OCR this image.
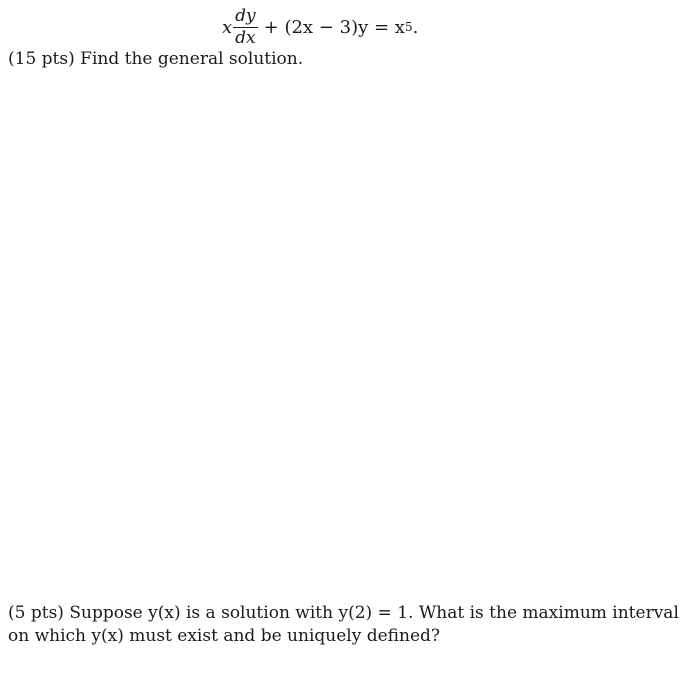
x $\frac{dy}{dx} + (2x - 3)y = x$ 5 .
(15 pts) Find the general solution.
(5 pts) Suppose y(x) is a solution with y(2) = 1. What is the maximum interval
on which y(x) must exist and be uniquely defined?
